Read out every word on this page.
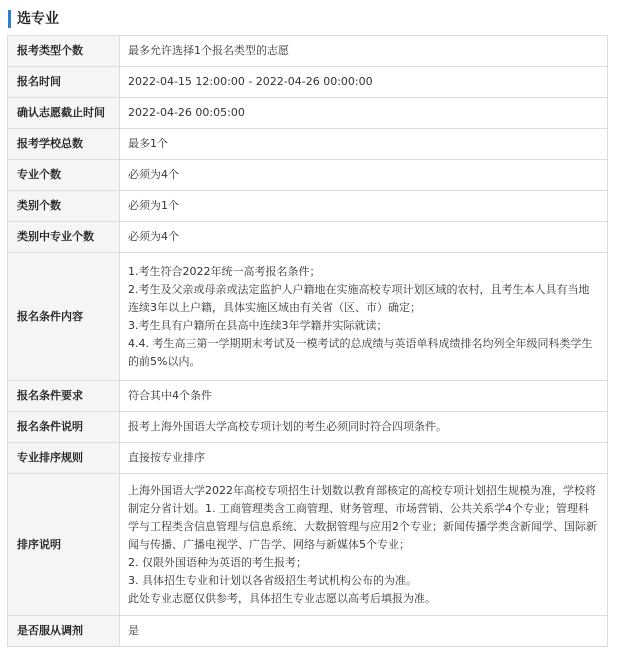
选专业
报考类型个数	最多允许选择1个报名类型的志愿
报名时间	2022-04-15 12:00:00 - 2022-04-26 00:00:00
确认志愿截止时间	2022-04-26 00:05:00
报考学校总数	最多1个
专业个数	必须为4个
类别个数	必须为1个
类别中专业个数	必须为4个
报名条件内容	1.考生符合2022年统一高考报名条件；
2.考生及父亲或母亲或法定监护人户籍地在实施高校专项计划区域的农村，且考生本人具有当地连续3年以上户籍，具体实施区域由有关省（区、市）确定；
3.考生具有户籍所在县高中连续3年学籍并实际就读；
4.4. 考生高三第一学期期末考试及一模考试的总成绩与英语单科成绩排名均列全年级同科类学生的前5%以内。

报名条件要求	符合其中4个条件
报名条件说明	报考上海外国语大学高校专项计划的考生必须同时符合四项条件。
专业排序规则	直接按专业排序
排序说明	上海外国语大学2022年高校专项招生计划数以教育部核定的高校专项计划招生规模为准，学校将制定分省计划。1. 工商管理类含工商管理、财务管理、市场营销、公共关系学4个专业；管理科学与工程类含信息管理与信息系统、大数据管理与应用2个专业；新闻传播学类含新闻学、国际新闻与传播、广播电视学、广告学、网络与新媒体5个专业；
2. 仅限外国语种为英语的考生报考；
3. 具体招生专业和计划以各省级招生考试机构公布的为准。
此处专业志愿仅供参考，具体招生专业志愿以高考后填报为准。

是否服从调剂	是
